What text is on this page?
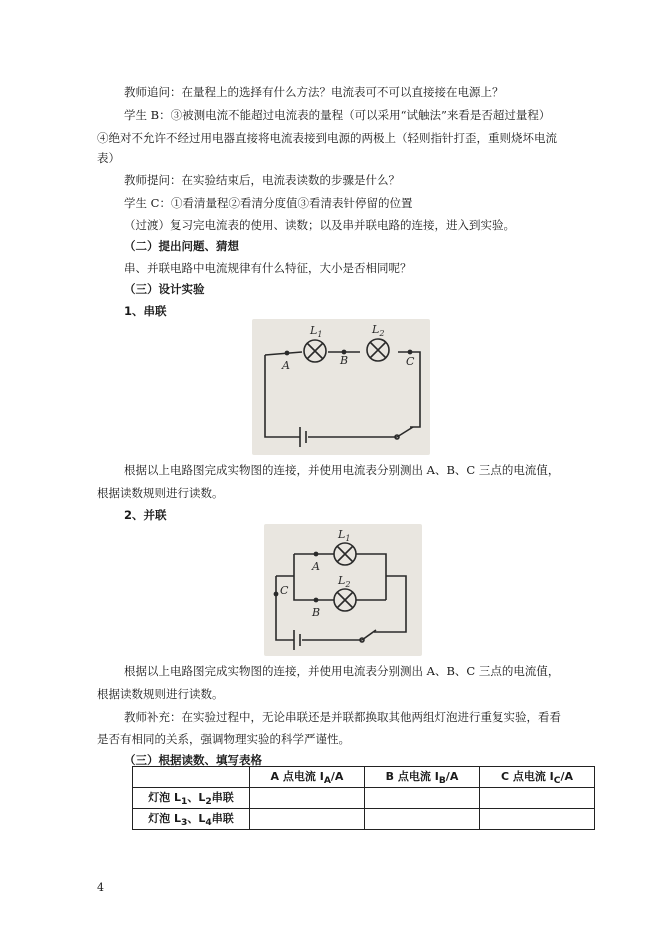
教师追问：在量程上的选择有什么方法？电流表可不可以直接接在电源上？
学生 B：③被测电流不能超过电流表的量程（可以采用“试触法”来看是否超过量程）
④绝对不允许不经过用电器直接将电流表接到电源的两极上（轻则指针打歪，重则烧坏电流
表）
教师提问：在实验结束后，电流表读数的步骤是什么？
学生 C：①看清量程②看清分度值③看清表针停留的位置
（过渡）复习完电流表的使用、读数；以及串并联电路的连接，进入到实验。
（二）提出问题、猜想
串、并联电路中电流规律有什么特征，大小是否相同呢？
（三）设计实验
1、串联
$L_1$	$L_2$
A	B	C
根据以上电路图完成实物图的连接，并使用电流表分别测出 A、B、C 三点的电流值，
根据读数规则进行读数。
2、并联
$L_1$
$L_2$
A
B
C
根据以上电路图完成实物图的连接，并使用电流表分别测出 A、B、C 三点的电流值，
根据读数规则进行读数。
教师补充：在实验过程中，无论串联还是并联都换取其他两组灯泡进行重复实验，看看
是否有相同的关系，强调物理实验的科学严谨性。
（三）根据读数、填写表格
	A 点电流 $I_A/A$	B 点电流 $I_B/A$	C 点电流 $I_C/A$
灯泡 $L_1$、$L_2$串联			
灯泡 $L_3$、$L_4$串联			
4
